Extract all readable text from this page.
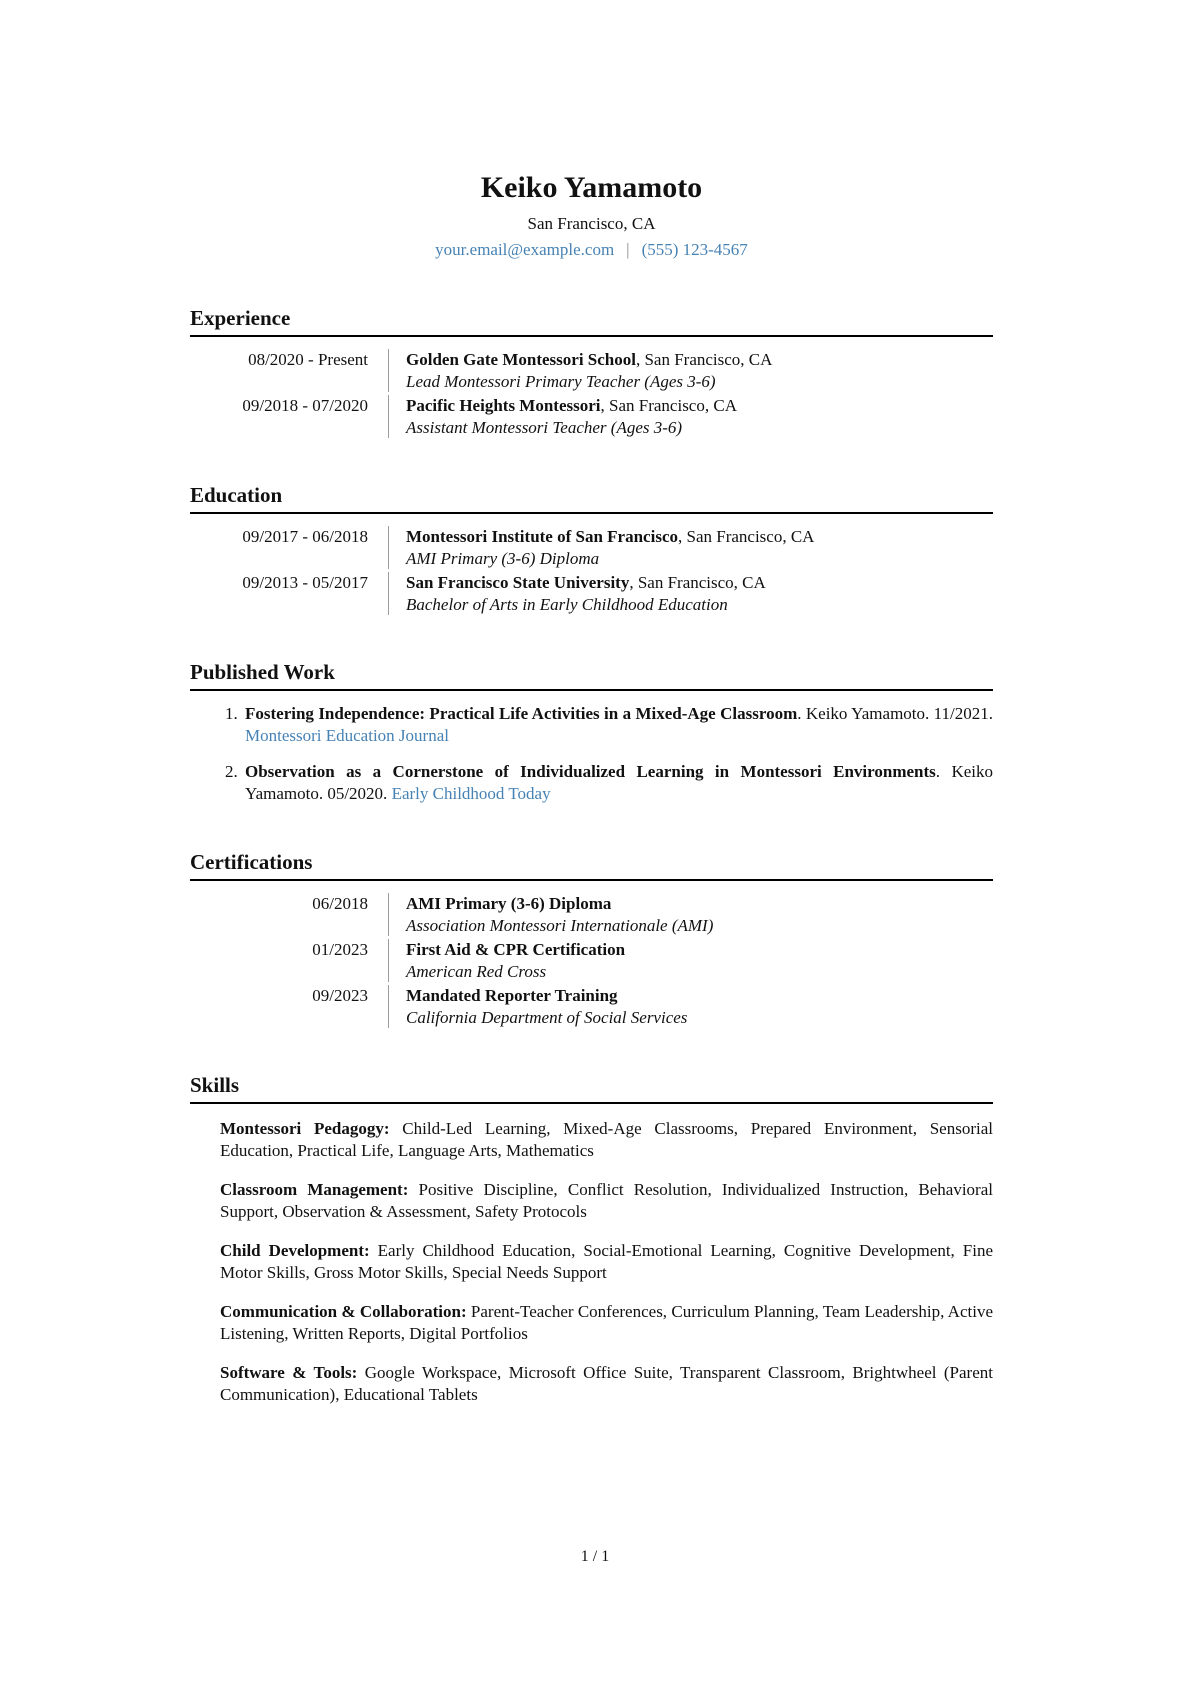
Keiko Yamamoto
San Francisco, CA
your.email@example.com | (555) 123-4567
Experience
08/2020 - Present Golden Gate Montessori School, San Francisco, CA
Lead Montessori Primary Teacher (Ages 3-6)
09/2018 - 07/2020 Pacific Heights Montessori, San Francisco, CA
Assistant Montessori Teacher (Ages 3-6)
Education
09/2017 - 06/2018 Montessori Institute of San Francisco, San Francisco, CA
AMI Primary (3-6) Diploma
09/2013 - 05/2017 San Francisco State University, San Francisco, CA
Bachelor of Arts in Early Childhood Education
Published Work
1. Fostering Independence: Practical Life Activities in a Mixed-Age Classroom. Keiko Yamamoto. 11/2021. Montessori Education Journal
2. Observation as a Cornerstone of Individualized Learning in Montessori Environments. Keiko Yamamoto. 05/2020. Early Childhood Today
Certifications
06/2018 AMI Primary (3-6) Diploma
Association Montessori Internationale (AMI)
01/2023 First Aid & CPR Certification
American Red Cross
09/2023 Mandated Reporter Training
California Department of Social Services
Skills

Montessori Pedagogy: Child-Led Learning, Mixed-Age Classrooms, Prepared Environment, Sensorial Education, Practical Life, Language Arts, Mathematics

Classroom Management: Positive Discipline, Conflict Resolution, Individualized Instruction, Behavioral Support, Observation & Assessment, Safety Protocols

Child Development: Early Childhood Education, Social-Emotional Learning, Cognitive Development, Fine Motor Skills, Gross Motor Skills, Special Needs Support

Communication & Collaboration: Parent-Teacher Conferences, Curriculum Planning, Team Leadership, Active Listening, Written Reports, Digital Portfolios

Software & Tools: Google Workspace, Microsoft Office Suite, Transparent Classroom, Brightwheel (Parent Communication), Educational Tablets

1 / 1
